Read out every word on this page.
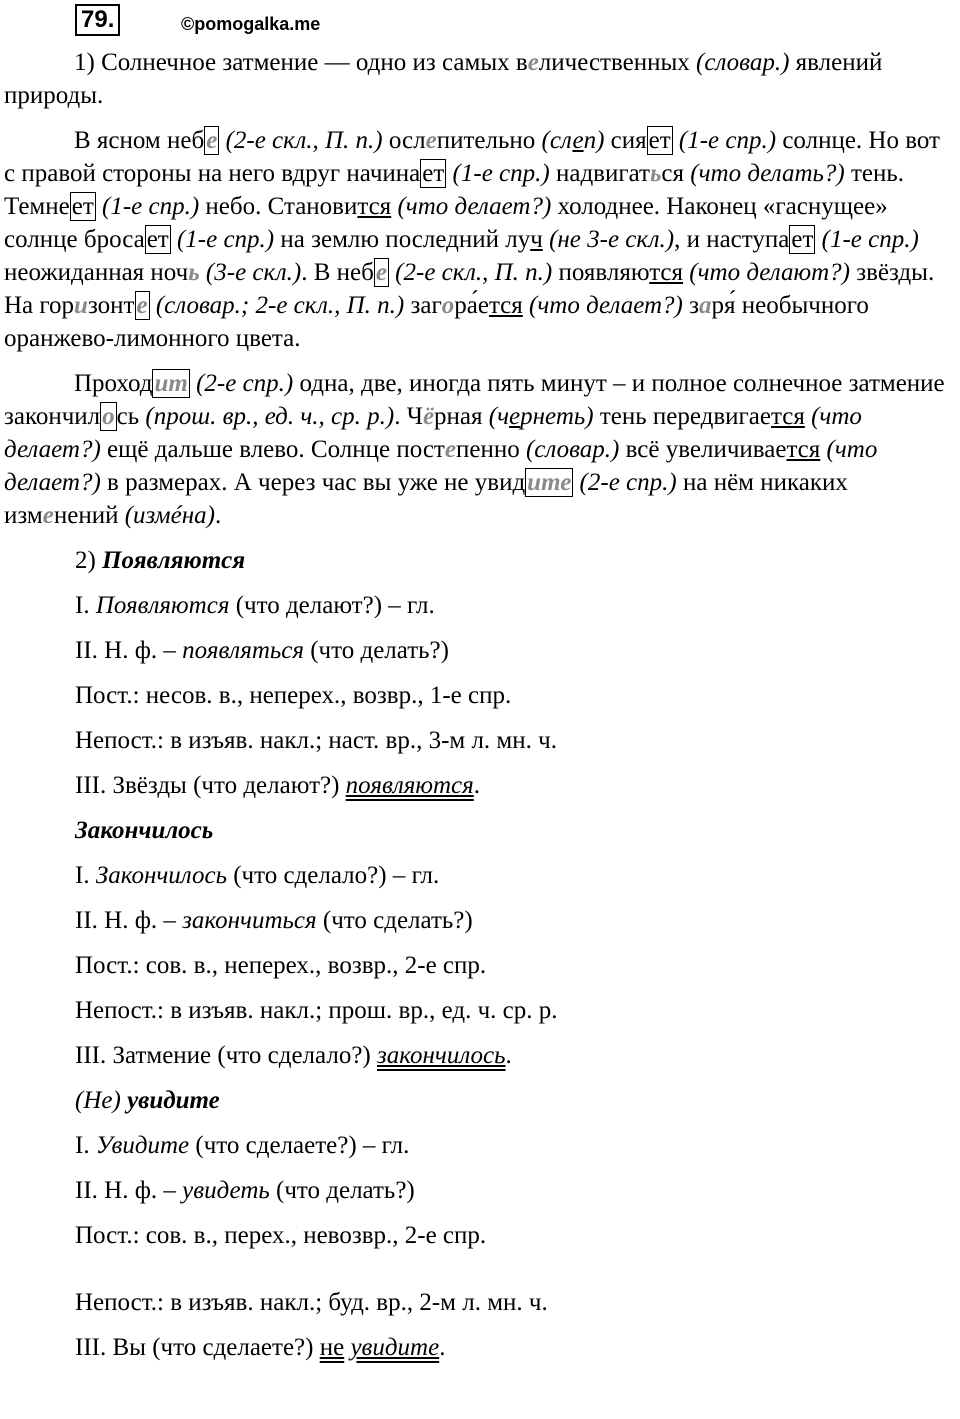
79.	©pomogalka.me

1) Солнечное затмение — одно из самых величественных (словар.) явлений природы.

В ясном небе (2-е скл., П. п.) ослепительно (слеп) сияет (1-е спр.) солнце. Но вот с правой стороны на него вдруг начинает (1-е спр.) надвигаться (что делать?) тень. Темнеет (1-е спр.) небо. Становится (что делает?) холоднее. Наконец «гаснущее» солнце бросает (1-е спр.) на землю последний луч (не 3-е скл.), и наступает (1-е спр.) неожиданная ночь (3-е скл.). В небе (2-е скл., П. п.) появляются (что делают?) звёзды. На горизонте (словар.; 2-е скл., П. п.) загора́ется (что делает?) заря́ необычного оранжево-лимонного цвета.

Проходит (2-е спр.) одна, две, иногда пять минут – и полное солнечное затмение закончилось (прош. вр., ед. ч., ср. р.). Чёрная (чернеть) тень передвигается (что делает?) ещё дальше влево. Солнце постепенно (словар.) всё увеличивается (что делает?) в размерах. А через час вы уже не увидите (2-е спр.) на нём никаких изменений (измéна).

2) Появляются

I. Появляются (что делают?) – гл.

II. Н. ф. – появляться (что делать?)

Пост.: несов. в., неперех., возвр., 1-е спр.

Непост.: в изъяв. накл.; наст. вр., 3-м л. мн. ч.

III. Звёзды (что делают?) появляются.

Закончилось

I. Закончилось (что сделало?) – гл.

II. Н. ф. – закончиться (что сделать?)

Пост.: сов. в., неперех., возвр., 2-е спр.

Непост.: в изъяв. накл.; прош. вр., ед. ч. ср. р.

III. Затмение (что сделало?) закончилось.

(Не) увидите

I. Увидите (что сделаете?) – гл.

II. Н. ф. – увидеть (что делать?)

Пост.: сов. в., перех., невозвр., 2-е спр.

Непост.: в изъяв. накл.; буд. вр., 2-м л. мн. ч.

III. Вы (что сделаете?) не увидите.
